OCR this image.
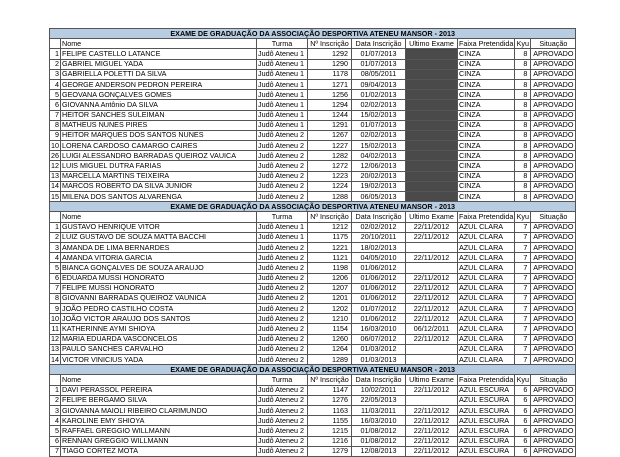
EXAME DE GRADUAÇÃO DA ASSOCIAÇÃO DESPORTIVA ATENEU MANSOR - 2013								
	Nome	Turma	Nº Inscrição	Data Inscrição	Ultimo Exame	Faixa Pretendida	Kyu	Situação
1	FELIPE CASTELLO LATANCE	Judô Ateneu 1	1292	01/07/2013		CINZA	8	APROVADO
2	GABRIEL MIGUEL YADA	Judô Ateneu 1	1290	01/07/2013		CINZA	8	APROVADO
3	GABRIELLA POLETTI DA SILVA	Judô Ateneu 1	1178	08/05/2011		CINZA	8	APROVADO
4	GEORGE ANDERSON PEDRON PEREIRA	Judô Ateneu 1	1271	09/04/2013		CINZA	8	APROVADO
5	GEOVANA GONÇALVES GOMES	Judô Ateneu 1	1256	01/02/2013		CINZA	8	APROVADO
6	GIOVANNA Antônio DA SILVA	Judô Ateneu 1	1294	02/02/2013		CINZA	8	APROVADO
7	HEITOR SANCHES SULEIMAN	Judô Ateneu 1	1244	15/02/2013		CINZA	8	APROVADO
8	MATHEUS NUNES PIRES	Judô Ateneu 1	1291	01/07/2013		CINZA	8	APROVADO
9	HEITOR MARQUES DOS SANTOS NUNES	Judô Ateneu 2	1267	02/02/2013		CINZA	8	APROVADO
10	LORENA CARDOSO CAMARGO CAIRES	Judô Ateneu 2	1227	15/02/2013		CINZA	8	APROVADO
26	LUIGI ALESSANDRO BARRADAS QUEIROZ VAUICA	Judô Ateneu 2	1282	04/02/2013		CINZA	8	APROVADO
12	LUIS MIGUEL DUTRA FARIAS	Judô Ateneu 2	1272	12/06/2013		CINZA	8	APROVADO
13	MARCELLA MARTINS TEIXEIRA	Judô Ateneu 2	1223	20/02/2013		CINZA	8	APROVADO
14	MARCOS ROBERTO DA SILVA JUNIOR	Judô Ateneu 2	1224	19/02/2013		CINZA	8	APROVADO
15	MILENA DOS SANTOS ALVARENGA	Judô Ateneu 2	1288	06/05/2013		CINZA	8	APROVADO
EXAME DE GRADUAÇÃO DA ASSOCIAÇÃO DESPORTIVA ATENEU MANSOR - 2013								
	Nome	Turma	Nº Inscrição	Data Inscrição	Ultimo Exame	Faixa Pretendida	Kyu	Situação
1	GUSTAVO HENRIQUE VITOR	Judô Ateneu 1	1212	02/02/2012	22/11/2012	AZUL CLARA	7	APROVADO
2	LUIZ GUSTAVO DE SOUZA MATTA BACCHI	Judô Ateneu 1	1175	20/10/2011	22/11/2012	AZUL CLARA	7	APROVADO
3	AMANDA DE LIMA BERNARDES	Judô Ateneu 2	1221	18/02/2013		AZUL CLARA	7	APROVADO
4	AMANDA VITORIA GARCIA	Judô Ateneu 2	1121	04/05/2010	22/11/2012	AZUL CLARA	7	APROVADO
5	BIANCA GONÇALVES DE SOUZA ARAUJO	Judô Ateneu 2	1198	01/06/2012		AZUL CLARA	7	APROVADO
6	EDUARDA MUSSI HONORATO	Judô Ateneu 2	1206	01/06/2012	22/11/2012	AZUL CLARA	7	APROVADO
7	FELIPE MUSSI HONORATO	Judô Ateneu 2	1207	01/06/2012	22/11/2012	AZUL CLARA	7	APROVADO
8	GIOVANNI BARRADAS QUEIROZ VAUNICA	Judô Ateneu 2	1201	01/06/2012	22/11/2012	AZUL CLARA	7	APROVADO
9	JOÃO PEDRO CASTILHO COSTA	Judô Ateneu 2	1202	01/07/2012	22/11/2012	AZUL CLARA	7	APROVADO
10	JOÃO VICTOR ARAUJO DOS SANTOS	Judô Ateneu 2	1210	01/06/2012	22/11/2012	AZUL CLARA	7	APROVADO
11	KATHERINNE AYMI SHIOYA	Judô Ateneu 2	1154	16/03/2010	06/12/2011	AZUL CLARA	7	APROVADO
12	MARIA EDUARDA VASCONCELOS	Judô Ateneu 2	1260	06/07/2012	22/11/2012	AZUL CLARA	7	APROVADO
13	PAULO SANCHES CARVALHO	Judô Ateneu 2	1264	01/03/2012		AZUL CLARA	7	APROVADO
14	VICTOR VINICIUS YADA	Judô Ateneu 2	1289	01/03/2013		AZUL CLARA	7	APROVADO
EXAME DE GRADUAÇÃO DA ASSOCIAÇÃO DESPORTIVA ATENEU MANSOR - 2013								
	Nome	Turma	Nº Inscrição	Data Inscrição	Ultimo Exame	Faixa Pretendida	Kyu	Situação
1	DAVI PERASSOL PEREIRA	Judô Ateneu 2	1147	10/02/2011	22/11/2012	AZUL ESCURA	6	APROVADO
2	FELIPE BERGAMO SILVA	Judô Ateneu 2	1276	22/05/2013		AZUL ESCURA	6	APROVADO
3	GIOVANNA MAIOLI RIBEIRO CLARIMUNDO	Judô Ateneu 2	1163	11/03/2011	22/11/2012	AZUL ESCURA	6	APROVADO
4	KAROLINE EMY SHIOYA	Judô Ateneu 2	1155	16/03/2010	22/11/2012	AZUL ESCURA	6	APROVADO
5	RAFFAEL GREGGIO WILLMANN	Judô Ateneu 2	1215	01/08/2012	22/11/2012	AZUL ESCURA	6	APROVADO
6	RENNAN GREGGIO WILLMANN	Judô Ateneu 2	1216	01/08/2012	22/11/2012	AZUL ESCURA	6	APROVADO
7	TIAGO CORTEZ MOTA	Judô Ateneu 2	1279	12/08/2013	22/11/2012	AZUL ESCURA	6	APROVADO
